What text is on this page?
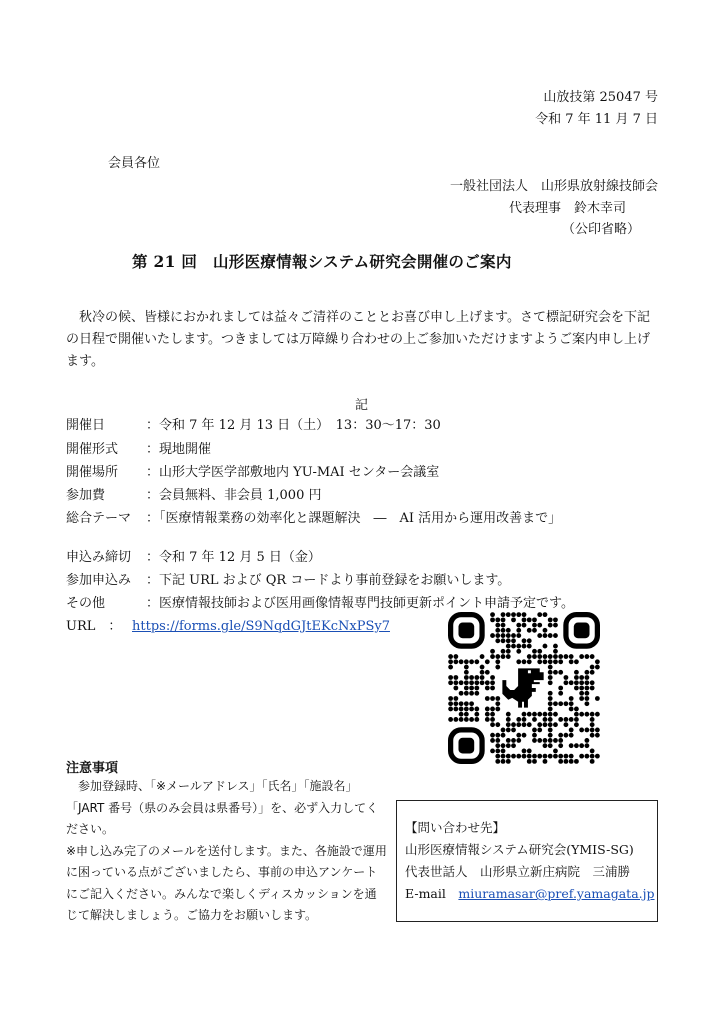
山放技第 25047 号
令和 7 年 11 月 7 日
会員各位
一般社団法人　山形県放射線技師会
代表理事　鈴木幸司
（公印省略）
第 21 回　山形医療情報システム研究会開催のご案内
秋冷の候、皆様におかれましては益々ご清祥のこととお喜び申し上げます。さて標記研究会を下記の日程で開催いたします。つきましては万障繰り合わせの上ご参加いただけますようご案内申し上げます。
記
開催日	：令和 7 年 12 月 13 日（土）　13：30～17：30
開催形式 ：現地開催
開催場所 ：山形大学医学部敷地内 YU-MAI センター会議室
参加費	：会員無料、非会員 1,000 円
総合テーマ ：「医療情報業務の効率化と課題解決　―　AI 活用から運用改善まで」
申込み締切 ：令和 7 年 12 月 5 日（金）
参加申込み ：下記 URL および QR コードより事前登録をお願いします。
その他	：医療情報技師および医用画像情報専門技師更新ポイント申請予定です。
URL　： https://forms.gle/S9NqdGJtEKcNxPSy7
注意事項

参加登録時、「※メールアドレス」「氏名」「施設名」「JART 番号（県のみ会員は県番号）」を、必ず入力してください。

※申し込み完了のメールを送付します。また、各施設で運用に困っている点がございましたら、事前の申込アンケートにご記入ください。みんなで楽しくディスカッションを通じて解決しましょう。ご協力をお願いします。

【問い合わせ先】
山形医療情報システム研究会(YMIS-SG)
代表世話人　山形県立新庄病院　三浦勝
E-mail　 miuramasar@pref.yamagata.jp
